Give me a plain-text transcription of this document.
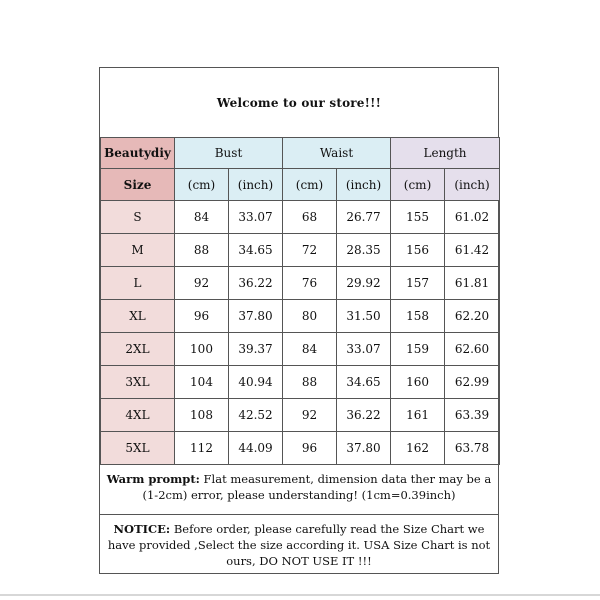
Welcome to our store!!!
Beautydiy	Bust		Waist		Length	
Size	(cm)	(inch)	(cm)	(inch)	(cm)	(inch)
S	84	33.07	68	26.77	155	61.02
M	88	34.65	72	28.35	156	61.42
L	92	36.22	76	29.92	157	61.81
XL	96	37.80	80	31.50	158	62.20
2XL	100	39.37	84	33.07	159	62.60
3XL	104	40.94	88	34.65	160	62.99
4XL	108	42.52	92	36.22	161	63.39
5XL	112	44.09	96	37.80	162	63.78
Warm prompt: Flat measurement, dimension data ther may be a (1-2cm) error, please understanding! (1cm=0.39inch)
NOTICE: Before order, please carefully read the Size Chart we have provided ,Select the size according it. USA Size Chart is not ours, DO NOT USE IT !!!
